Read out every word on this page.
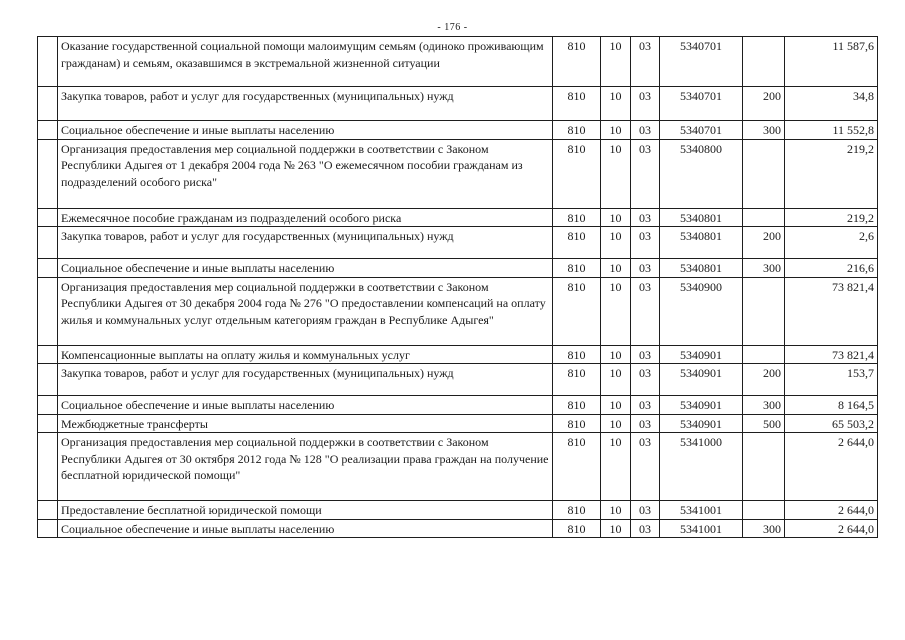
- 176 -
	Оказание государственной социальной помощи малоимущим семьям (одиноко проживающим гражданам) и семьям, оказавшимся в экстремальной жизненной ситуации	810	10	03	5340701		11 587,6
	Закупка товаров, работ и услуг для государственных (муниципальных) нужд	810	10	03	5340701	200	34,8
	Социальное обеспечение и иные выплаты населению	810	10	03	5340701	300	11 552,8
	Организация предоставления мер социальной поддержки в соответствии с Законом Республики Адыгея от 1 декабря 2004 года № 263 "О ежемесячном пособии гражданам из подразделений особого риска"	810	10	03	5340800		219,2
	Ежемесячное пособие гражданам из подразделений особого риска	810	10	03	5340801		219,2
	Закупка товаров, работ и услуг для государственных (муниципальных) нужд	810	10	03	5340801	200	2,6
	Социальное обеспечение и иные выплаты населению	810	10	03	5340801	300	216,6
	Организация предоставления мер социальной поддержки в соответствии с Законом Республики Адыгея от 30 декабря 2004 года № 276 "О предоставлении компенсаций на оплату жилья и коммунальных услуг отдельным категориям граждан в Республике Адыгея"	810	10	03	5340900		73 821,4
	Компенсационные выплаты на оплату жилья и коммунальных услуг	810	10	03	5340901		73 821,4
	Закупка товаров, работ и услуг для государственных (муниципальных) нужд	810	10	03	5340901	200	153,7
	Социальное обеспечение и иные выплаты населению	810	10	03	5340901	300	8 164,5
	Межбюджетные трансферты	810	10	03	5340901	500	65 503,2
	Организация предоставления мер социальной поддержки в соответствии с Законом Республики Адыгея от 30 октября 2012 года № 128 "О реализации права граждан на получение бесплатной юридической помощи"	810	10	03	5341000		2 644,0
	Предоставление бесплатной юридической помощи	810	10	03	5341001		2 644,0
	Социальное обеспечение и иные выплаты населению	810	10	03	5341001	300	2 644,0
